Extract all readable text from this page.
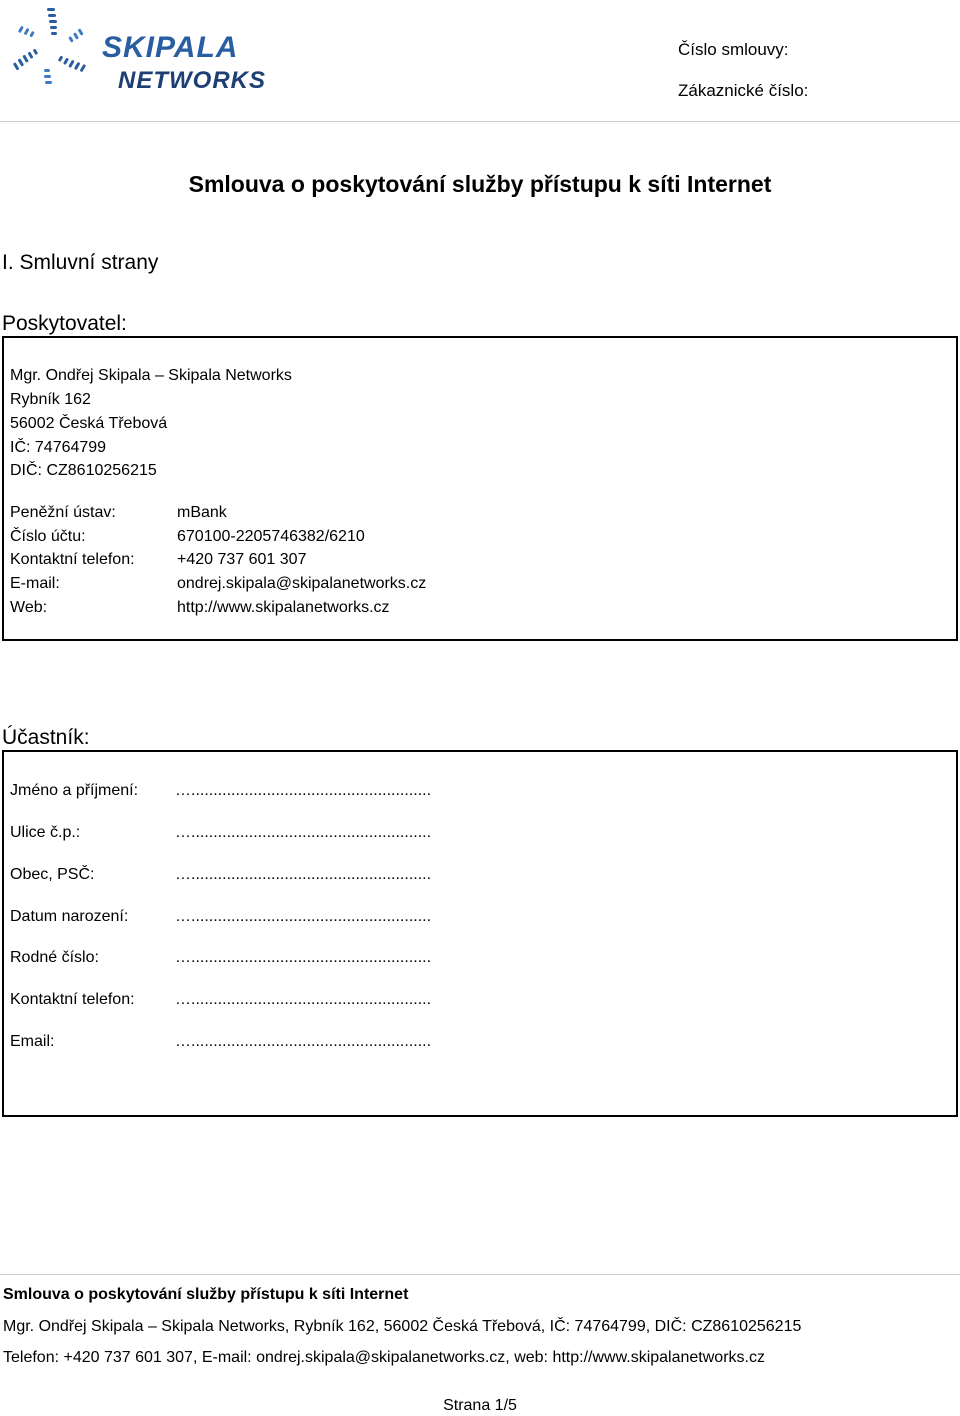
SKIPALA
NETWORKS
Číslo smlouvy:
Zákaznické číslo:
Smlouva o poskytování služby přístupu k síti Internet
I. Smluvní strany
Poskytovatel:
Mgr. Ondřej Skipala – Skipala Networks
Rybník 162
56002 Česká Třebová
IČ: 74764799
DIČ: CZ8610256215
Peněžní ústav:	mBank
Číslo účtu:	670100-2205746382/6210
Kontaktní telefon:	+420 737 601 307
E-mail:	ondrej.skipala@skipalanetworks.cz
Web:	http://www.skipalanetworks.cz
Účastník:
Jméno a příjmení: …......................................................
Ulice č.p.:	…......................................................
Obec, PSČ:	…......................................................
Datum narození:	…......................................................
Rodné číslo:	…......................................................
Kontaktní telefon:	…......................................................
Email:	…......................................................
Smlouva o poskytování služby přístupu k síti Internet
Mgr. Ondřej Skipala – Skipala Networks, Rybník 162, 56002 Česká Třebová, IČ: 74764799, DIČ: CZ8610256215
Telefon: +420 737 601 307, E-mail: ondrej.skipala@skipalanetworks.cz, web: http://www.skipalanetworks.cz
Strana 1/5
